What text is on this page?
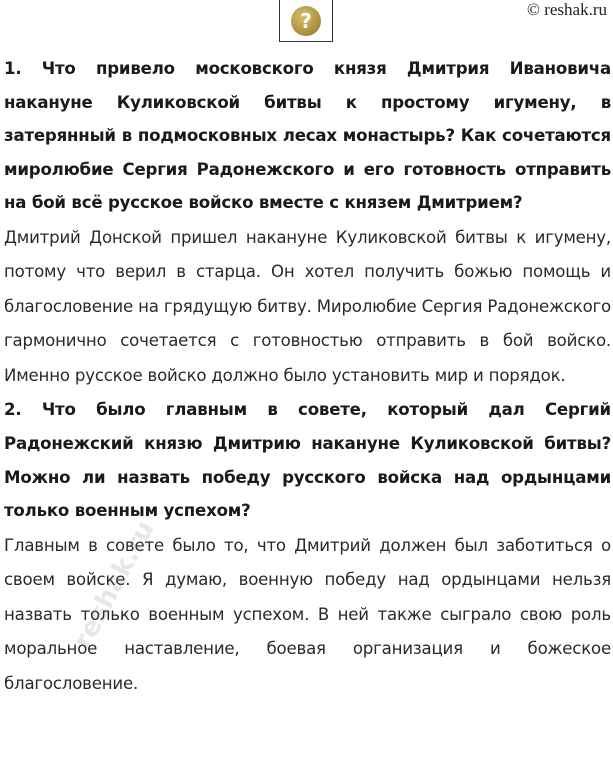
© reshak.ru
?

1. Что привело московского князя Дмитрия Ивановича накануне Куликовской битвы к простому игумену, в затерянный в подмосковных лесах монастырь? Как сочетаются миролюбие Сергия Радонежского и его готовность отправить на бой всё русское войско вместе с князем Дмитрием?

Дмитрий Донской пришел накануне Куликовской битвы к игумену, потому что верил в старца. Он хотел получить божью помощь и благословение на грядущую битву. Миролюбие Сергия Радонежского гармонично сочетается с готовностью отправить в бой войско. Именно русское войско должно было установить мир и порядок.

2. Что было главным в совете, который дал Сергий Радонежский князю Дмитрию накануне Куликовской битвы? Можно ли назвать победу русского войска над ордынцами только военным успехом?

Главным в совете было то, что Дмитрий должен был заботиться о своем войске. Я думаю, военную победу над ордынцами нельзя назвать только военным успехом. В ней также сыграло свою роль моральное наставление, боевая организация и божеское благословение.

reshak.ru
